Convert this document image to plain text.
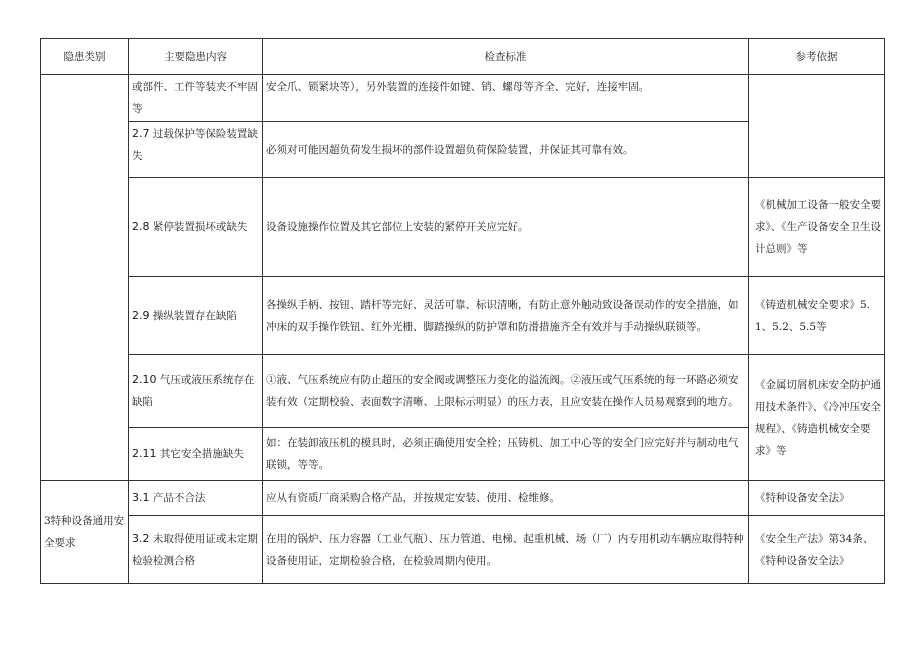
隐患类别	主要隐患内容	检查标准	参考依据
	或部件、工件等装夹不牢固等	安全爪、锁紧块等），另外装置的连接件如键、销、螺母等齐全、完好，连接牢固。	
	2.7 过载保护等保险装置缺失	必须对可能因超负荷发生损坏的部件设置超负荷保险装置，并保证其可靠有效。	
	2.8 紧停装置损坏或缺失	设备设施操作位置及其它部位上安装的紧停开关应完好。	《机械加工设备一般安全要求》、《生产设备安全卫生设计总则》等
	2.9 操纵装置存在缺陷	各操纵手柄、按钮、踏杆等完好、灵活可靠、标识清晰，有防止意外触动致设备误动作的安全措施，如冲床的双手操作铁钮、红外光栅、脚踏操纵的防护罩和防滑措施齐全有效并与手动操纵联锁等。	《铸造机械安全要求》5.1、5.2、5.5等
	2.10 气压或液压系统存在缺陷	①液、气压系统应有防止超压的安全阀或调整压力变化的溢流阀。②液压或气压系统的每一环路必须安装有效（定期校验、表面数字清晰、上限标示明显）的压力表，且应安装在操作人员易观察到的地方。	《金属切屑机床安全防护通用技术条件》、《冷冲压安全规程》、《铸造机械安全要求》等
	2.11 其它安全措施缺失	如：在装卸液压机的模具时，必须正确使用安全栓；压铸机、加工中心等的安全门应完好并与制动电气联锁，等等。	
3特种设备通用安全要求	3.1 产品不合法	应从有资质厂商采购合格产品，并按规定安装、使用、检维修。	《特种设备安全法》
	3.2 未取得使用证或未定期检验检测合格	在用的锅炉、压力容器（工业气瓶）、压力管道、电梯、起重机械、场（厂）内专用机动车辆应取得特种设备使用证，定期检验合格，在检验周期内使用。	《安全生产法》第34条、《特种设备安全法》
